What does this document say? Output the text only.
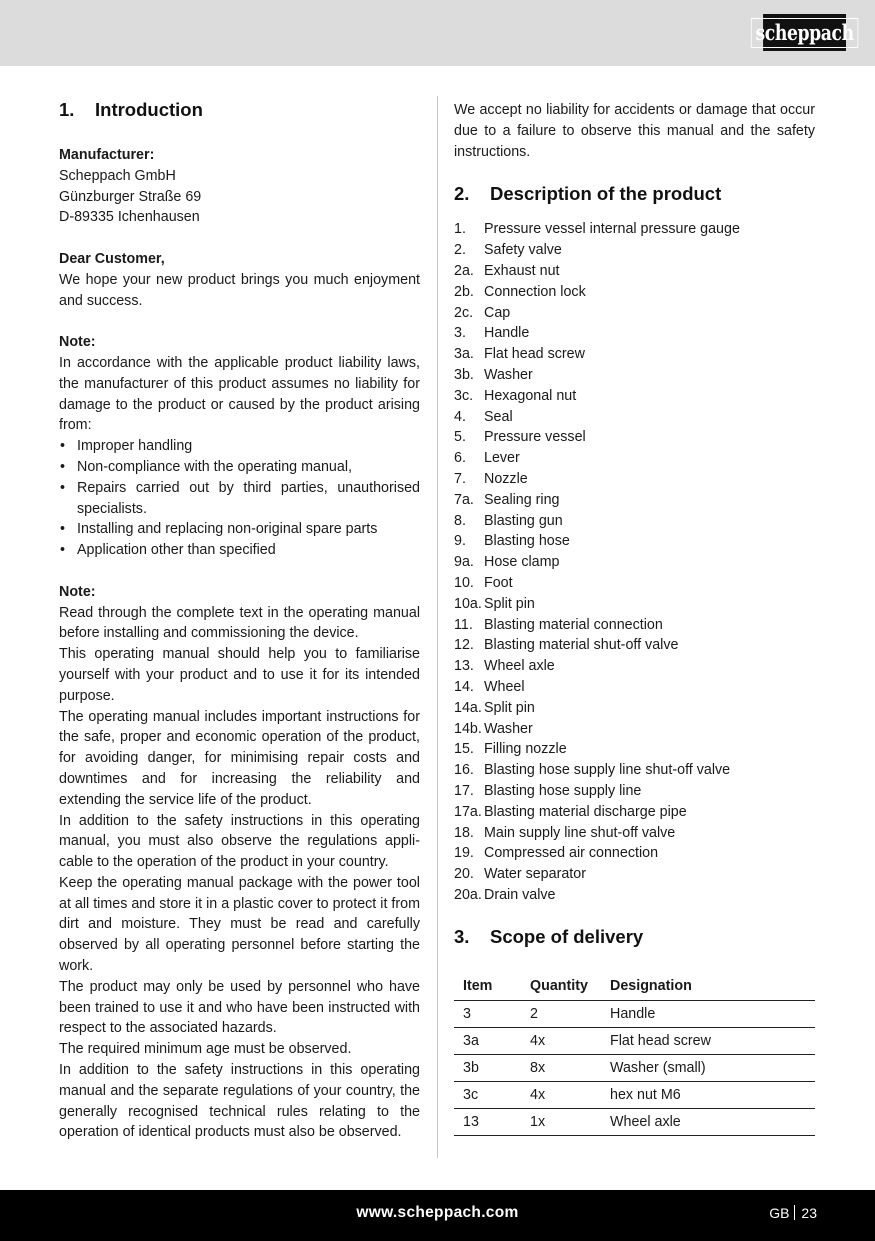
scheppach
1.	Introduction

Manufacturer:

Scheppach GmbH

Günzburger Straße 69

D-89335 Ichenhausen

Dear Customer,

We hope your new product brings you much enjoyment and success.

Note:

In accordance with the applicable product liability laws, the manufacturer of this product assumes no liability for damage to the product or caused by the product arising from:

• Improper handling
• Non-compliance with the operating manual,
• Repairs carried out by third parties, unauthorised specialists.
• Installing and replacing non-original spare parts
• Application other than specified

Note:

Read through the complete text in the operating manual before installing and commissioning the device.

This operating manual should help you to familiarise yourself with your product and to use it for its intended purpose.

The operating manual includes important instructions for the safe, proper and economic operation of the product, for avoiding danger, for minimising repair costs and downtimes and for increasing the reliability and extending the service life of the product.

In addition to the safety instructions in this operating manual, you must also observe the regulations applicable to the operation of the product in your country.

Keep the operating manual package with the power tool at all times and store it in a plastic cover to protect it from dirt and moisture. They must be read and carefully observed by all operating personnel before starting the work.

The product may only be used by personnel who have been trained to use it and who have been instructed with respect to the associated hazards.

The required minimum age must be observed.

In addition to the safety instructions in this operating manual and the separate regulations of your country, the generally recognised technical rules relating to the operation of identical products must also be observed.

We accept no liability for accidents or damage that occur due to a failure to observe this manual and the safety instructions.

2.	Description of the product
1.	Pressure vessel internal pressure gauge
2.	Safety valve
2a. Exhaust nut
2b. Connection lock
2c. Cap
3.	Handle
3a. Flat head screw
3b. Washer
3c. Hexagonal nut
4.	Seal
5.	Pressure vessel
6.	Lever
7.	Nozzle
7a. Sealing ring
8.	Blasting gun
9.	Blasting hose
9a. Hose clamp
10. Foot
10a. Split pin
11. Blasting material connection
12. Blasting material shut-off valve
13. Wheel axle
14. Wheel
14a. Split pin
14b. Washer
15. Filling nozzle
16. Blasting hose supply line shut-off valve
17. Blasting hose supply line
17a. Blasting material discharge pipe
18. Main supply line shut-off valve
19. Compressed air connection
20. Water separator
20a. Drain valve
3.	Scope of delivery
Item	Quantity	Designation
3	2	Handle
3a	4x	Flat head screw
3b	8x	Washer (small)
3c	4x	hex nut M6
13	1x	Wheel axle
www.scheppach.com	GB 23
